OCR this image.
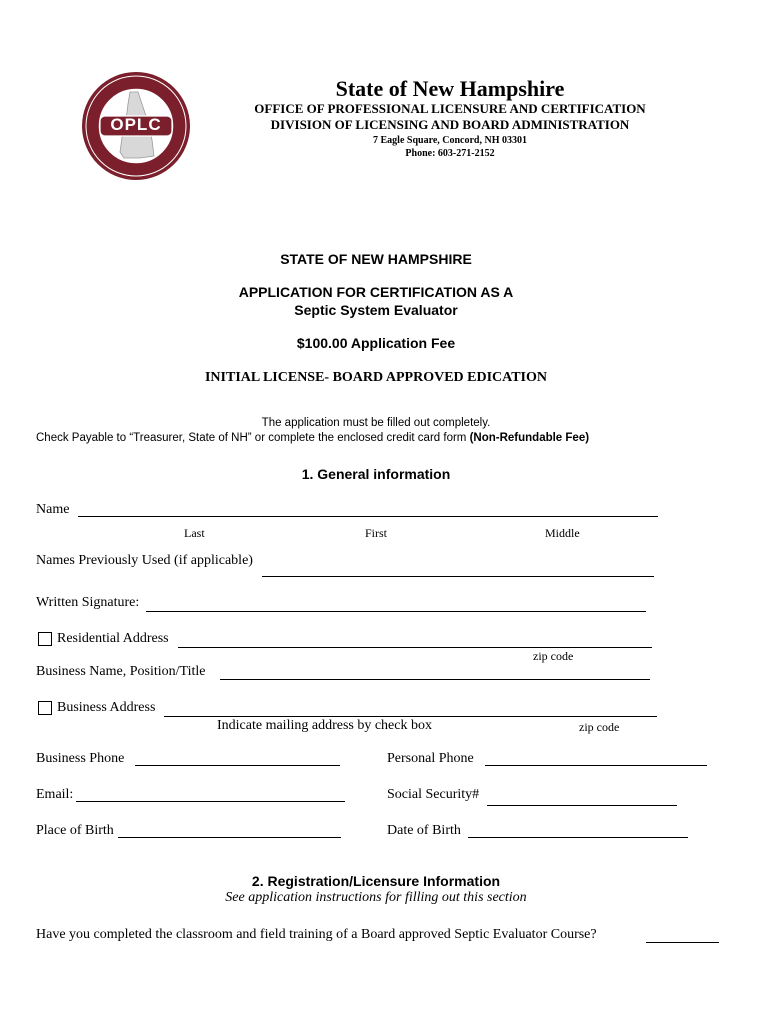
OPLC
State of New Hampshire
OFFICE OF PROFESSIONAL LICENSURE AND CERTIFICATION
DIVISION OF LICENSING AND BOARD ADMINISTRATION
7 Eagle Square, Concord, NH 03301
Phone: 603-271-2152
STATE OF NEW HAMPSHIRE
APPLICATION FOR CERTIFICATION AS A
Septic System Evaluator
$100.00 Application Fee
INITIAL LICENSE- BOARD APPROVED EDICATION
The application must be filled out completely.
Check Payable to “Treasurer, State of NH” or complete the enclosed credit card form (Non-Refundable Fee)
1. General information
Name
Last	First	Middle
Names Previously Used (if applicable)
Written Signature:
Residential Address
zip code
Business Name, Position/Title
Business Address
Indicate mailing address by check box	zip code
Business Phone	Personal Phone
Email:	Social Security#
Place of Birth	Date of Birth
2. Registration/Licensure Information
See application instructions for filling out this section
Have you completed the classroom and field training of a Board approved Septic Evaluator Course?
